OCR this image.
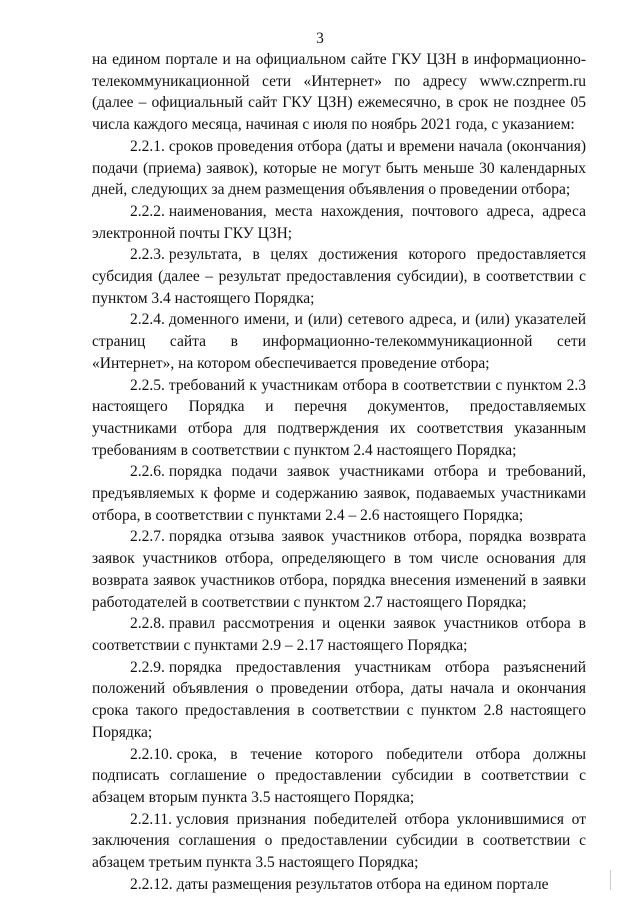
3

на едином портале и на официальном сайте ГКУ ЦЗН в информационно-телекоммуникационной сети «Интернет» по адресу www.cznperm.ru (далее – официальный сайт ГКУ ЦЗН) ежемесячно, в срок не позднее 05 числа каждого месяца, начиная с июля по ноябрь 2021 года, с указанием:

2.2.1. сроков проведения отбора (даты и времени начала (окончания) подачи (приема) заявок), которые не могут быть меньше 30 календарных дней, следующих за днем размещения объявления о проведении отбора;

2.2.2. наименования, места нахождения, почтового адреса, адреса электронной почты ГКУ ЦЗН;

2.2.3. результата, в целях достижения которого предоставляется субсидия (далее – результат предоставления субсидии), в соответствии с пунктом 3.4 настоящего Порядка;

2.2.4. доменного имени, и (или) сетевого адреса, и (или) указателей страниц сайта в информационно-телекоммуникационной сети «Интернет», на котором обеспечивается проведение отбора;

2.2.5. требований к участникам отбора в соответствии с пунктом 2.3 настоящего Порядка и перечня документов, предоставляемых участниками отбора для подтверждения их соответствия указанным требованиям в соответствии с пунктом 2.4 настоящего Порядка;

2.2.6. порядка подачи заявок участниками отбора и требований, предъявляемых к форме и содержанию заявок, подаваемых участниками отбора, в соответствии с пунктами 2.4 – 2.6 настоящего Порядка;

2.2.7. порядка отзыва заявок участников отбора, порядка возврата заявок участников отбора, определяющего в том числе основания для возврата заявок участников отбора, порядка внесения изменений в заявки работодателей в соответствии с пунктом 2.7 настоящего Порядка;

2.2.8. правил рассмотрения и оценки заявок участников отбора в соответствии с пунктами 2.9 – 2.17 настоящего Порядка;

2.2.9. порядка предоставления участникам отбора разъяснений положений объявления о проведении отбора, даты начала и окончания срока такого предоставления в соответствии с пунктом 2.8 настоящего Порядка;

2.2.10. срока, в течение которого победители отбора должны подписать соглашение о предоставлении субсидии в соответствии с абзацем вторым пункта 3.5 настоящего Порядка;

2.2.11. условия признания победителей отбора уклонившимися от заключения соглашения о предоставлении субсидии в соответствии с абзацем третьим пункта 3.5 настоящего Порядка;

2.2.12. даты размещения результатов отбора на едином портале
